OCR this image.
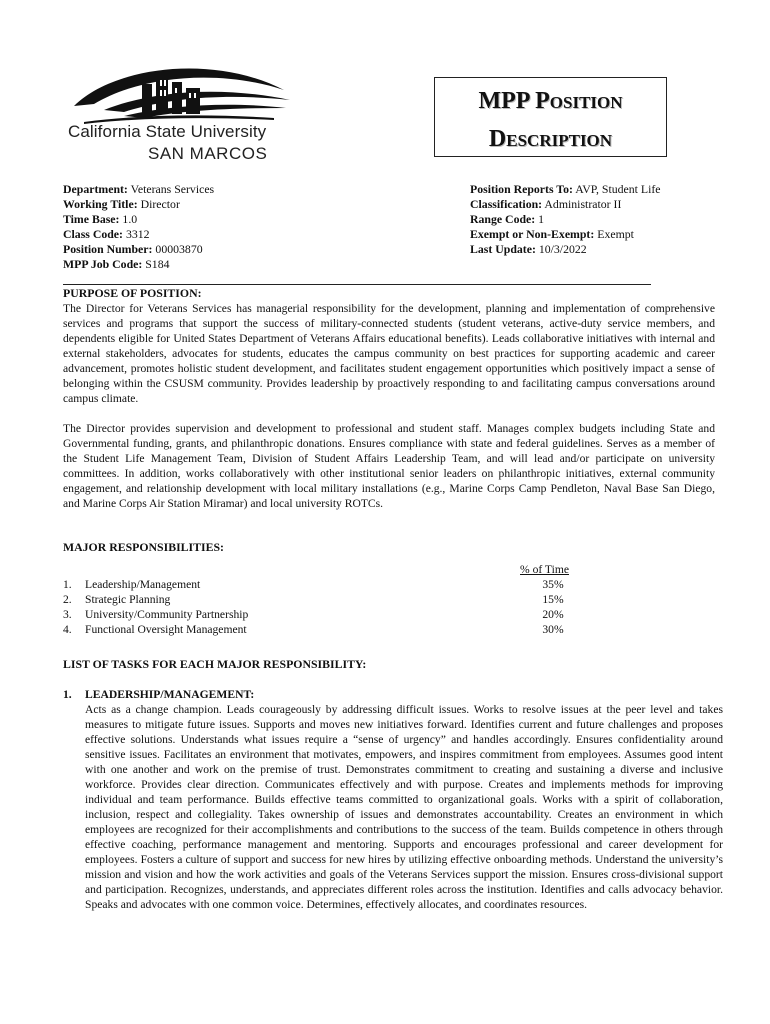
California State University
SAN MARCOS
MPP Position
Description
Department: Veterans Services
Working Title: Director
Time Base: 1.0
Class Code: 3312
Position Number: 00003870
MPP Job Code: S184
Position Reports To: AVP, Student Life
Classification: Administrator II
Range Code: 1
Exempt or Non-Exempt: Exempt
Last Update: 10/3/2022
PURPOSE OF POSITION:

The Director for Veterans Services has managerial responsibility for the development, planning and implementation of comprehensive services and programs that support the success of military-connected students (student veterans, active-duty service members, and dependents eligible for United States Department of Veterans Affairs educational benefits). Leads collaborative initiatives with internal and external stakeholders, advocates for students, educates the campus community on best practices for supporting academic and career advancement, promotes holistic student development, and facilitates student engagement opportunities which positively impact a sense of belonging within the CSUSM community. Provides leadership by proactively responding to and facilitating campus conversations around campus climate.

The Director provides supervision and development to professional and student staff. Manages complex budgets including State and Governmental funding, grants, and philanthropic donations. Ensures compliance with state and federal guidelines. Serves as a member of the Student Life Management Team, Division of Student Affairs Leadership Team, and will lead and/or participate on university committees. In addition, works collaboratively with other institutional senior leaders on philanthropic initiatives, external community engagement, and relationship development with local military installations (e.g., Marine Corps Camp Pendleton, Naval Base San Diego, and Marine Corps Air Station Miramar) and local university ROTCs.

MAJOR RESPONSIBILITIES:
% of Time
1.	Leadership/Management	35%
2.	Strategic Planning	15%
3.	University/Community Partnership	20%
4.	Functional Oversight Management	30%
LIST OF TASKS FOR EACH MAJOR RESPONSIBILITY:
1.	LEADERSHIP/MANAGEMENT:
Acts as a change champion. Leads courageously by addressing difficult issues. Works to resolve issues at the peer level and takes measures to mitigate future issues. Supports and moves new initiatives forward. Identifies current and future challenges and proposes effective solutions. Understands what issues require a “sense of urgency” and handles accordingly. Ensures confidentiality around sensitive issues. Facilitates an environment that motivates, empowers, and inspires commitment from employees. Assumes good intent with one another and work on the premise of trust. Demonstrates commitment to creating and sustaining a diverse and inclusive workforce. Provides clear direction. Communicates effectively and with purpose. Creates and implements methods for improving individual and team performance. Builds effective teams committed to organizational goals. Works with a spirit of collaboration, inclusion, respect and collegiality. Takes ownership of issues and demonstrates accountability. Creates an environment in which employees are recognized for their accomplishments and contributions to the success of the team. Builds competence in others through effective coaching, performance management and mentoring. Supports and encourages professional and career development for employees. Fosters a culture of support and success for new hires by utilizing effective onboarding methods. Understand the university’s mission and vision and how the work activities and goals of the Veterans Services support the mission. Ensures cross-divisional support and participation. Recognizes, understands, and appreciates different roles across the institution. Identifies and calls advocacy behavior. Speaks and advocates with one common voice. Determines, effectively allocates, and coordinates resources.
